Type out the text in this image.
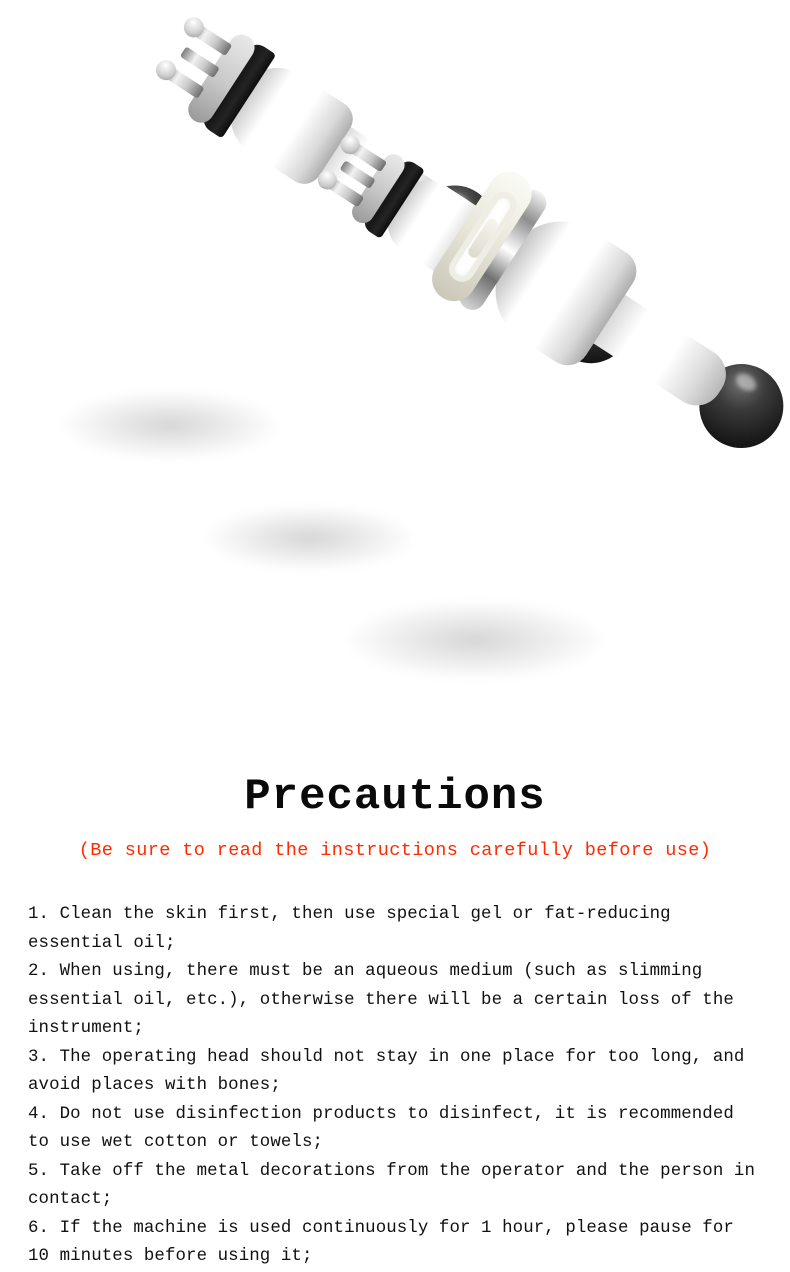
Precautions

(Be sure to read the instructions carefully before use)

1. Clean the skin first, then use special gel or fat-reducing essential oil;

2. When using, there must be an aqueous medium (such as slimming essential oil, etc.), otherwise there will be a certain loss of the instrument;

3. The operating head should not stay in one place for too long, and avoid places with bones;

4. Do not use disinfection products to disinfect, it is recommended to use wet cotton or towels;

5. Take off the metal decorations from the operator and the person in contact;

6. If the machine is used continuously for 1 hour, please pause for 10 minutes before using it;
